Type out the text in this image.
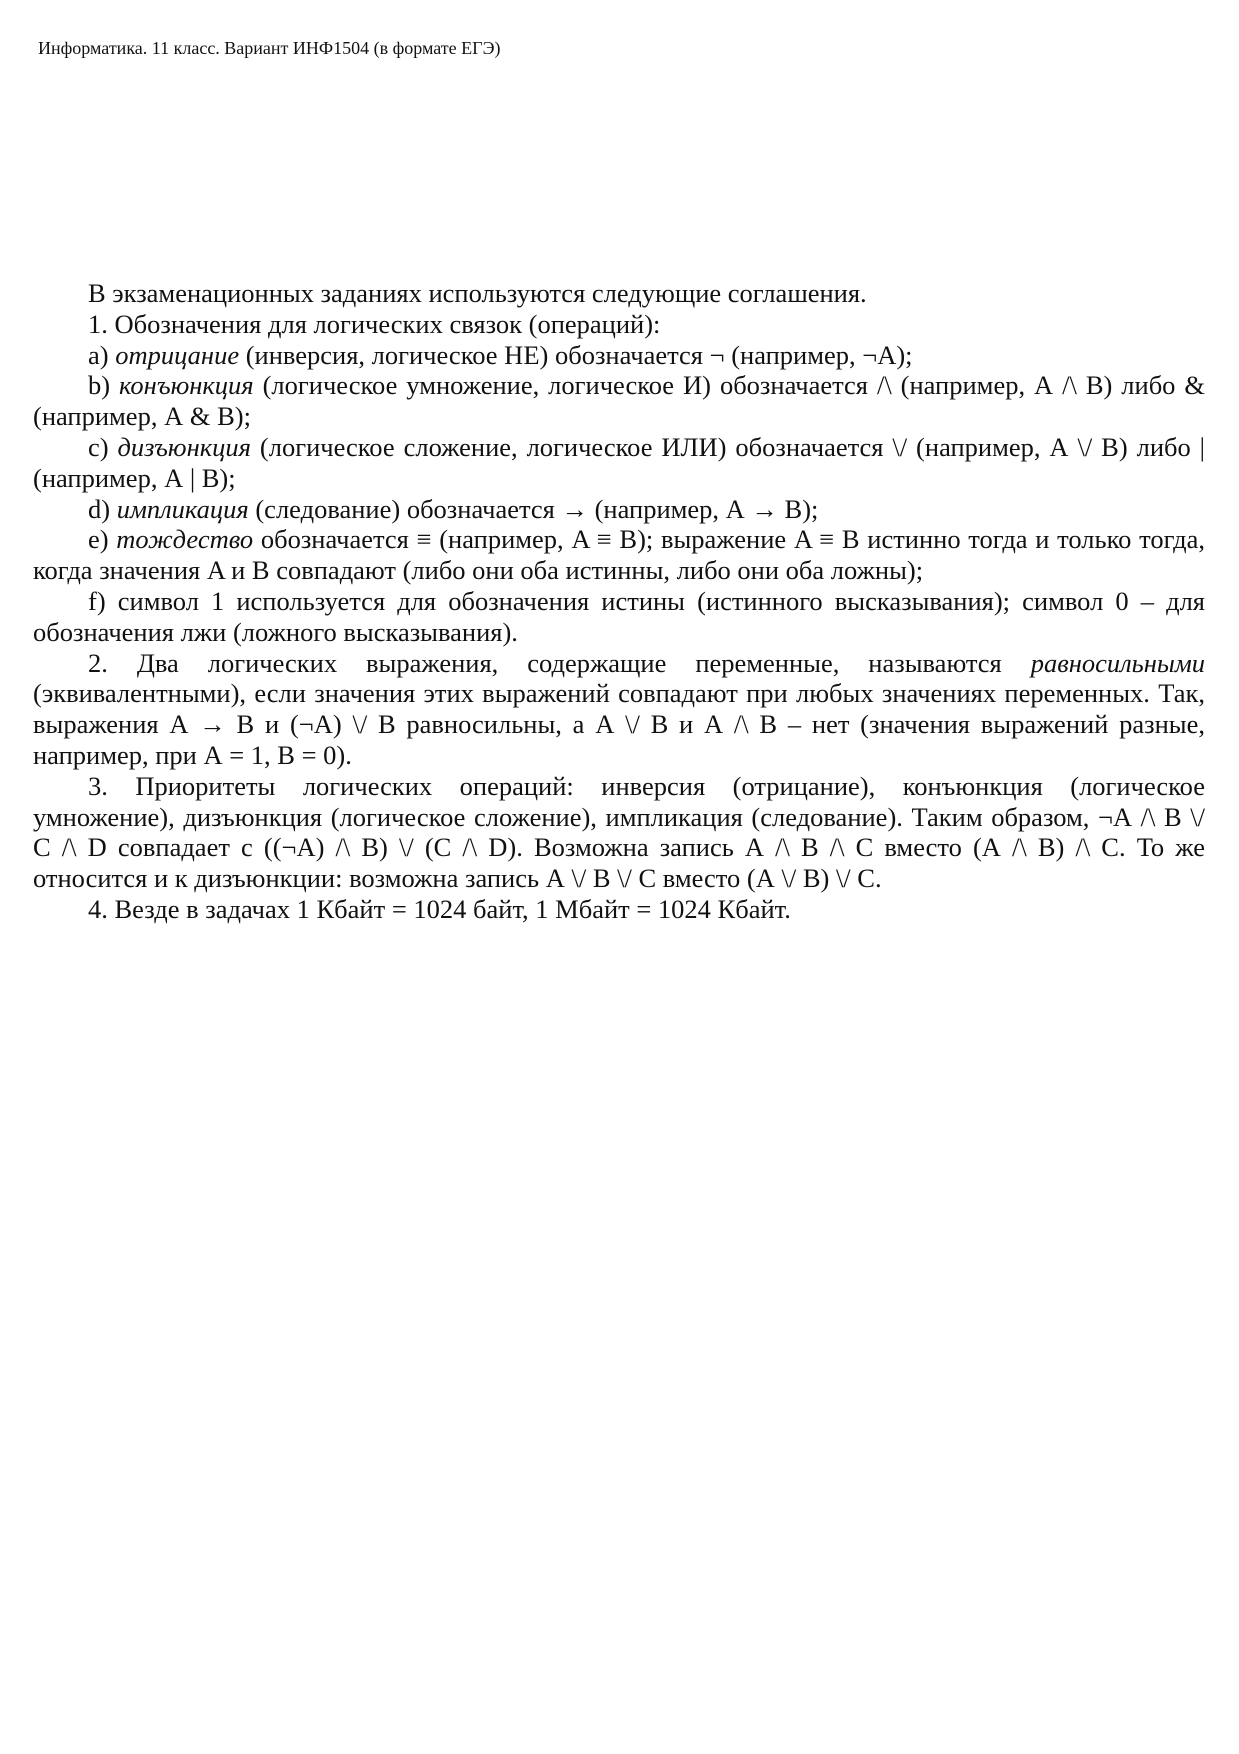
Информатика. 11 класс. Вариант ИНФ1504 (в формате ЕГЭ)

В экзаменационных заданиях используются следующие соглашения.

1. Обозначения для логических связок (операций):

a) отрицание (инверсия, логическое НЕ) обозначается ¬ (например, ¬А);

b) конъюнкция (логическое умножение, логическое И) обозначается /\ (например, А /\ В) либо & (например, А & В);

c) дизъюнкция (логическое сложение, логическое ИЛИ) обозначается \/ (например, А \/ В) либо | (например, А | В);

d) импликация (следование) обозначается → (например, А → В);

e) тождество обозначается ≡ (например, A ≡ B); выражение A ≡ B истинно тогда и только тогда, когда значения A и B совпадают (либо они оба истинны, либо они оба ложны);

f) символ 1 используется для обозначения истины (истинного высказывания); символ 0 – для обозначения лжи (ложного высказывания).

2. Два логических выражения, содержащие переменные, называются равносильными (эквивалентными), если значения этих выражений совпадают при любых значениях переменных. Так, выражения А → В и (¬А) \/ В равносильны, а А \/ В и А /\ В – нет (значения выражений разные, например, при А = 1, В = 0).

3. Приоритеты логических операций: инверсия (отрицание), конъюнкция (логическое умножение), дизъюнкция (логическое сложение), импликация (следование). Таким образом, ¬А /\ В \/ С /\ D совпадает с ((¬А) /\ В) \/ (С /\ D). Возможна запись А /\ В /\ С вместо (А /\ В) /\ С. То же относится и к дизъюнкции: возможна запись А \/ В \/ С вместо (А \/ В) \/ С.

4. Везде в задачах 1 Кбайт = 1024 байт, 1 Мбайт = 1024 Кбайт.
